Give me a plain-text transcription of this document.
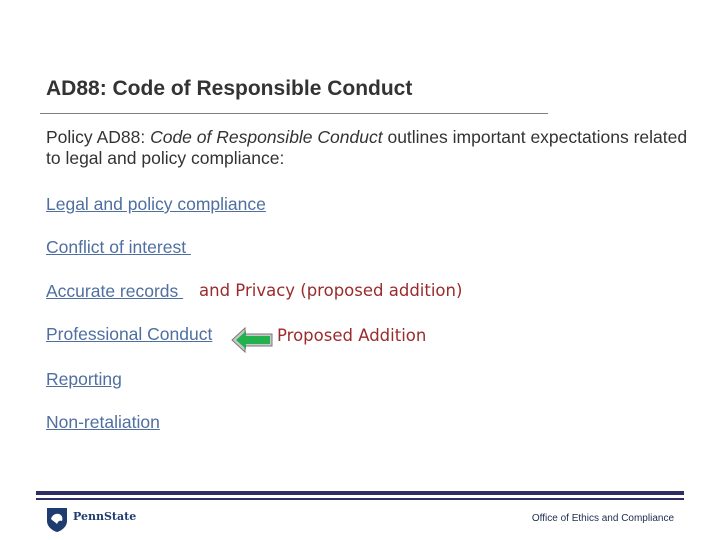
AD88: Code of Responsible Conduct
Policy AD88: Code of Responsible Conduct outlines important expectations related to legal and policy compliance:
Legal and policy compliance
Conflict of interest
Accurate records and Privacy (proposed addition)
Professional Conduct	Proposed Addition
Reporting
Non-retaliation
PennState	Office of Ethics and Compliance
